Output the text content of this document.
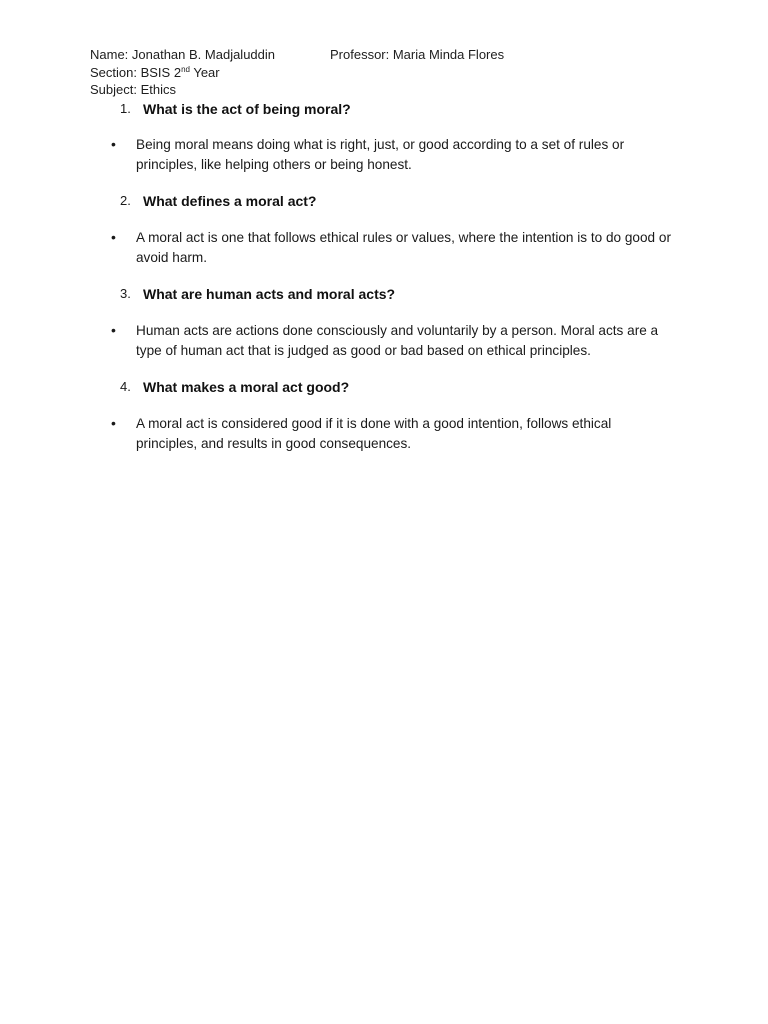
Name: Jonathan B. Madjaluddin	Professor: Maria Minda Flores
Section: BSIS 2nd Year
Subject: Ethics
1. What is the act of being moral?
• Being moral means doing what is right, just, or good according to a set of rules or principles, like helping others or being honest.
2. What defines a moral act?
• A moral act is one that follows ethical rules or values, where the intention is to do good or avoid harm.
3. What are human acts and moral acts?
• Human acts are actions done consciously and voluntarily by a person. Moral acts are a type of human act that is judged as good or bad based on ethical principles.
4. What makes a moral act good?
• A moral act is considered good if it is done with a good intention, follows ethical principles, and results in good consequences.
